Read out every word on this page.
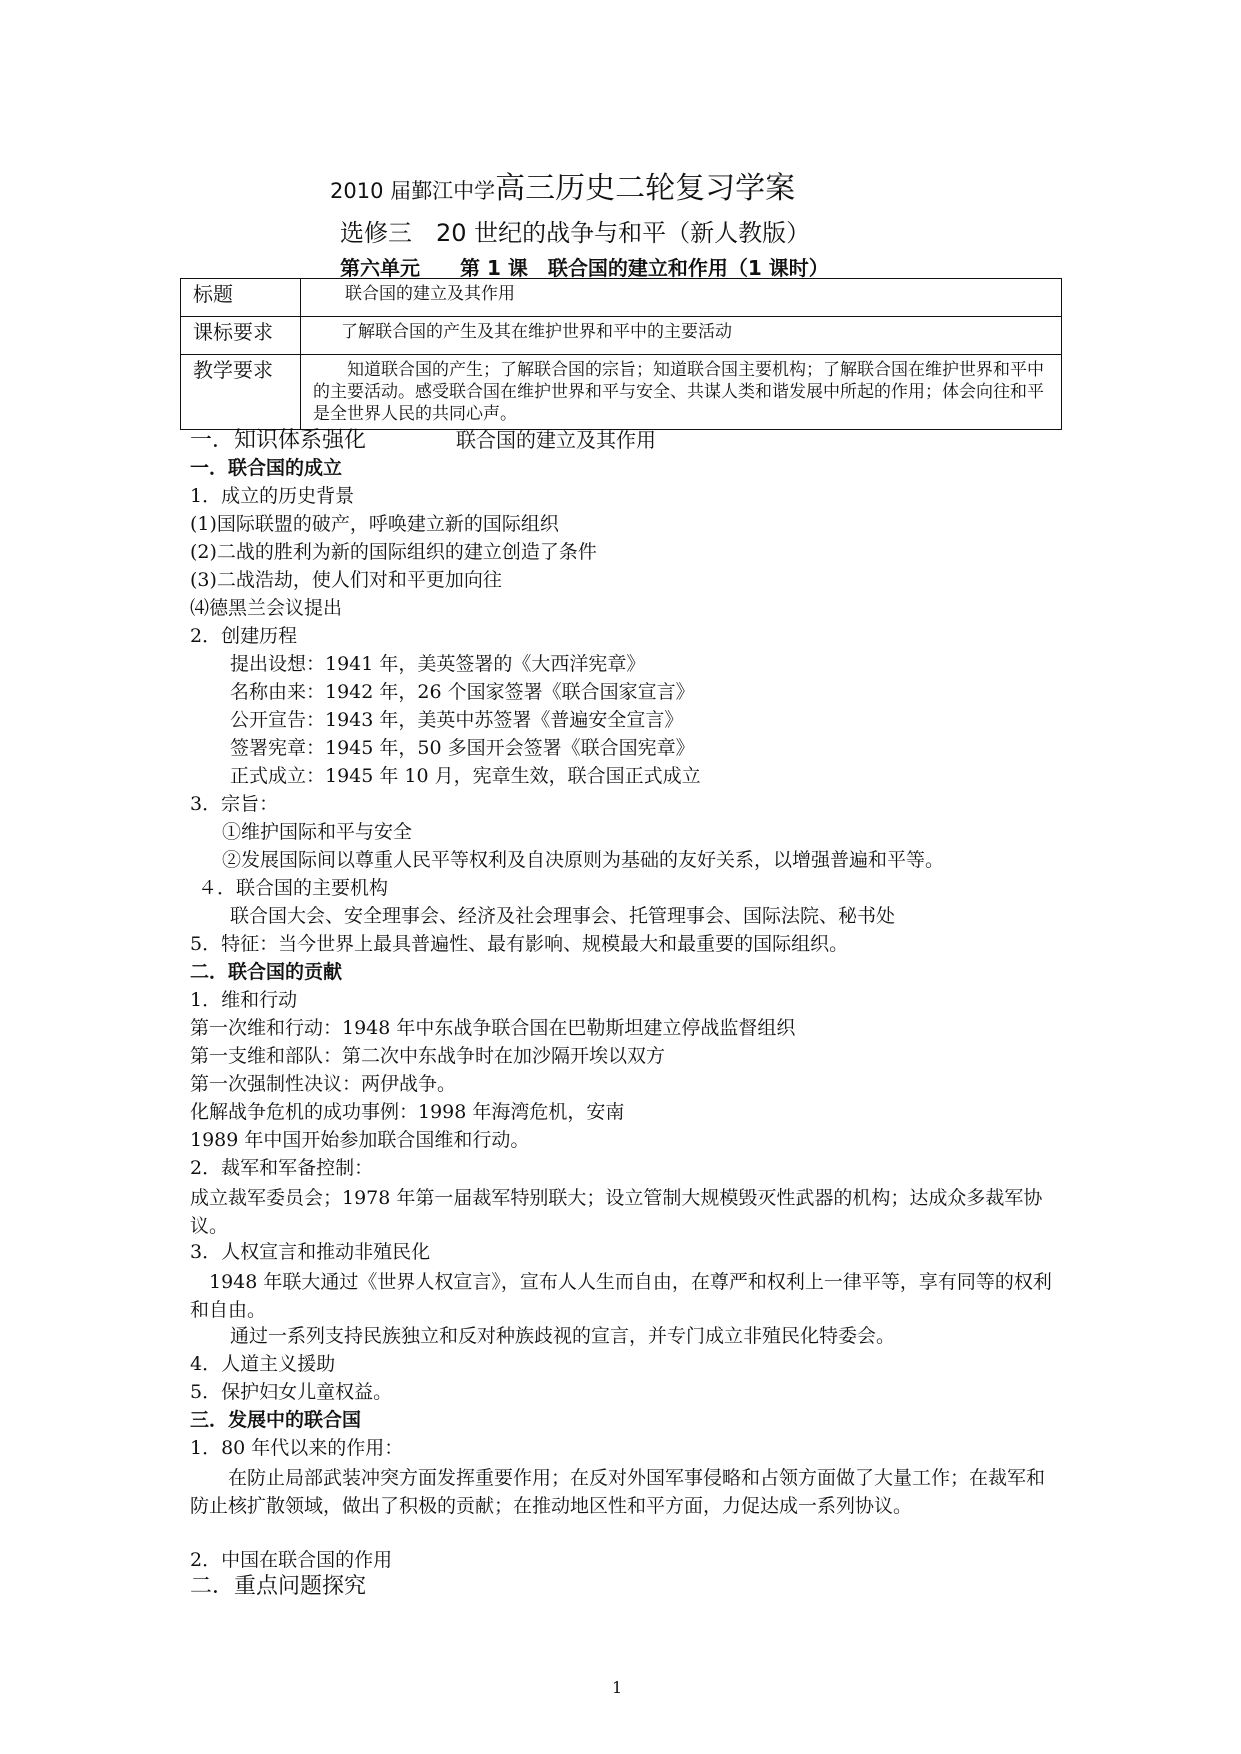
2010 届鄞江中学高三历史二轮复习学案
选修三　20 世纪的战争与和平（新人教版）
第六单元　　第 1 课　联合国的建立和作用（1 课时）
标题	联合国的建立及其作用
课标要求	了解联合国的产生及其在维护世界和平中的主要活动
教学要求	　　知道联合国的产生；了解联合国的宗旨；知道联合国主要机构；了解联合国在维护世界和平中的主要活动。感受联合国在维护世界和平与安全、共谋人类和谐发展中所起的作用；体会向往和平是全世界人民的共同心声。
一．知识体系强化	联合国的建立及其作用
一．联合国的成立
1．成立的历史背景
(1)国际联盟的破产，呼唤建立新的国际组织
(2)二战的胜利为新的国际组织的建立创造了条件
(3)二战浩劫，使人们对和平更加向往
⑷德黑兰会议提出
2．创建历程
提出设想：1941 年，美英签署的《大西洋宪章》
名称由来：1942 年，26 个国家签署《联合国家宣言》
公开宣告：1943 年，美英中苏签署《普遍安全宣言》
签署宪章：1945 年，50 多国开会签署《联合国宪章》
正式成立：1945 年 10 月，宪章生效，联合国正式成立
3．宗旨：
①维护国际和平与安全
②发展国际间以尊重人民平等权利及自决原则为基础的友好关系，以增强普遍和平等。
４．联合国的主要机构
联合国大会、安全理事会、经济及社会理事会、托管理事会、国际法院、秘书处
5．特征：当今世界上最具普遍性、最有影响、规模最大和最重要的国际组织。
二．联合国的贡献
1．维和行动
第一次维和行动：1948 年中东战争联合国在巴勒斯坦建立停战监督组织
第一支维和部队：第二次中东战争时在加沙隔开埃以双方
第一次强制性决议：两伊战争。
化解战争危机的成功事例：1998 年海湾危机，安南
1989 年中国开始参加联合国维和行动。
2．裁军和军备控制：
成立裁军委员会；1978 年第一届裁军特别联大；设立管制大规模毁灭性武器的机构；达成众多裁军协议。
3．人权宣言和推动非殖民化
　1948 年联大通过《世界人权宣言》，宣布人人生而自由，在尊严和权利上一律平等，享有同等的权利和自由。
通过一系列支持民族独立和反对种族歧视的宣言，并专门成立非殖民化特委会。
4．人道主义援助
5．保护妇女儿童权益。
三．发展中的联合国
1．80 年代以来的作用：
　　在防止局部武装冲突方面发挥重要作用；在反对外国军事侵略和占领方面做了大量工作；在裁军和防止核扩散领域，做出了积极的贡献；在推动地区性和平方面，力促达成一系列协议。
2．中国在联合国的作用
二．重点问题探究
1
